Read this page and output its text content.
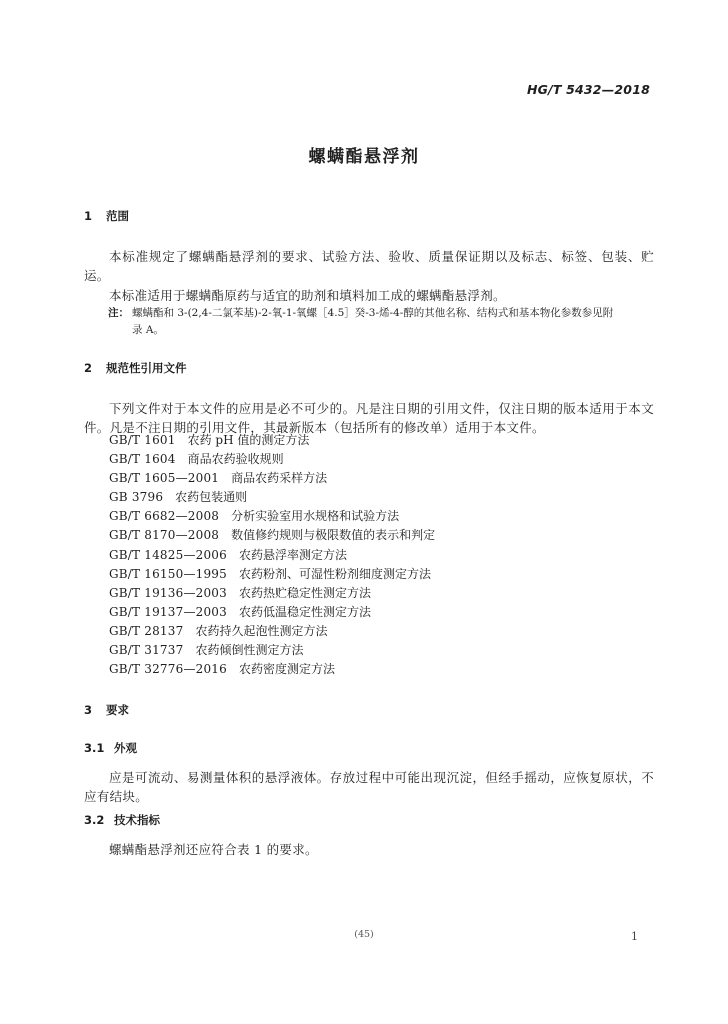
HG/T 5432—2018
螺螨酯悬浮剂
1 范围
本标准规定了螺螨酯悬浮剂的要求、试验方法、验收、质量保证期以及标志、标签、包装、贮运。
本标准适用于螺螨酯原药与适宜的助剂和填料加工成的螺螨酯悬浮剂。
注： 螺螨酯和 3-(2,4-二氯苯基)-2-氧-1-氧螺［4.5］癸-3-烯-4-醇的其他名称、结构式和基本物化参数参见附
录 A。
2 规范性引用文件
下列文件对于本文件的应用是必不可少的。凡是注日期的引用文件，仅注日期的版本适用于本文件。凡是不注日期的引用文件，其最新版本（包括所有的修改单）适用于本文件。
GB/T 1601 农药 pH 值的测定方法
GB/T 1604 商品农药验收规则
GB/T 1605—2001 商品农药采样方法
GB 3796 农药包装通则
GB/T 6682—2008 分析实验室用水规格和试验方法
GB/T 8170—2008 数值修约规则与极限数值的表示和判定
GB/T 14825—2006 农药悬浮率测定方法
GB/T 16150—1995 农药粉剂、可湿性粉剂细度测定方法
GB/T 19136—2003 农药热贮稳定性测定方法
GB/T 19137—2003 农药低温稳定性测定方法
GB/T 28137 农药持久起泡性测定方法
GB/T 31737 农药倾倒性测定方法
GB/T 32776—2016 农药密度测定方法
3 要求
3.1 外观
应是可流动、易测量体积的悬浮液体。存放过程中可能出现沉淀，但经手摇动，应恢复原状，不应有结块。
3.2 技术指标
螺螨酯悬浮剂还应符合表 1 的要求。
(45)	1
